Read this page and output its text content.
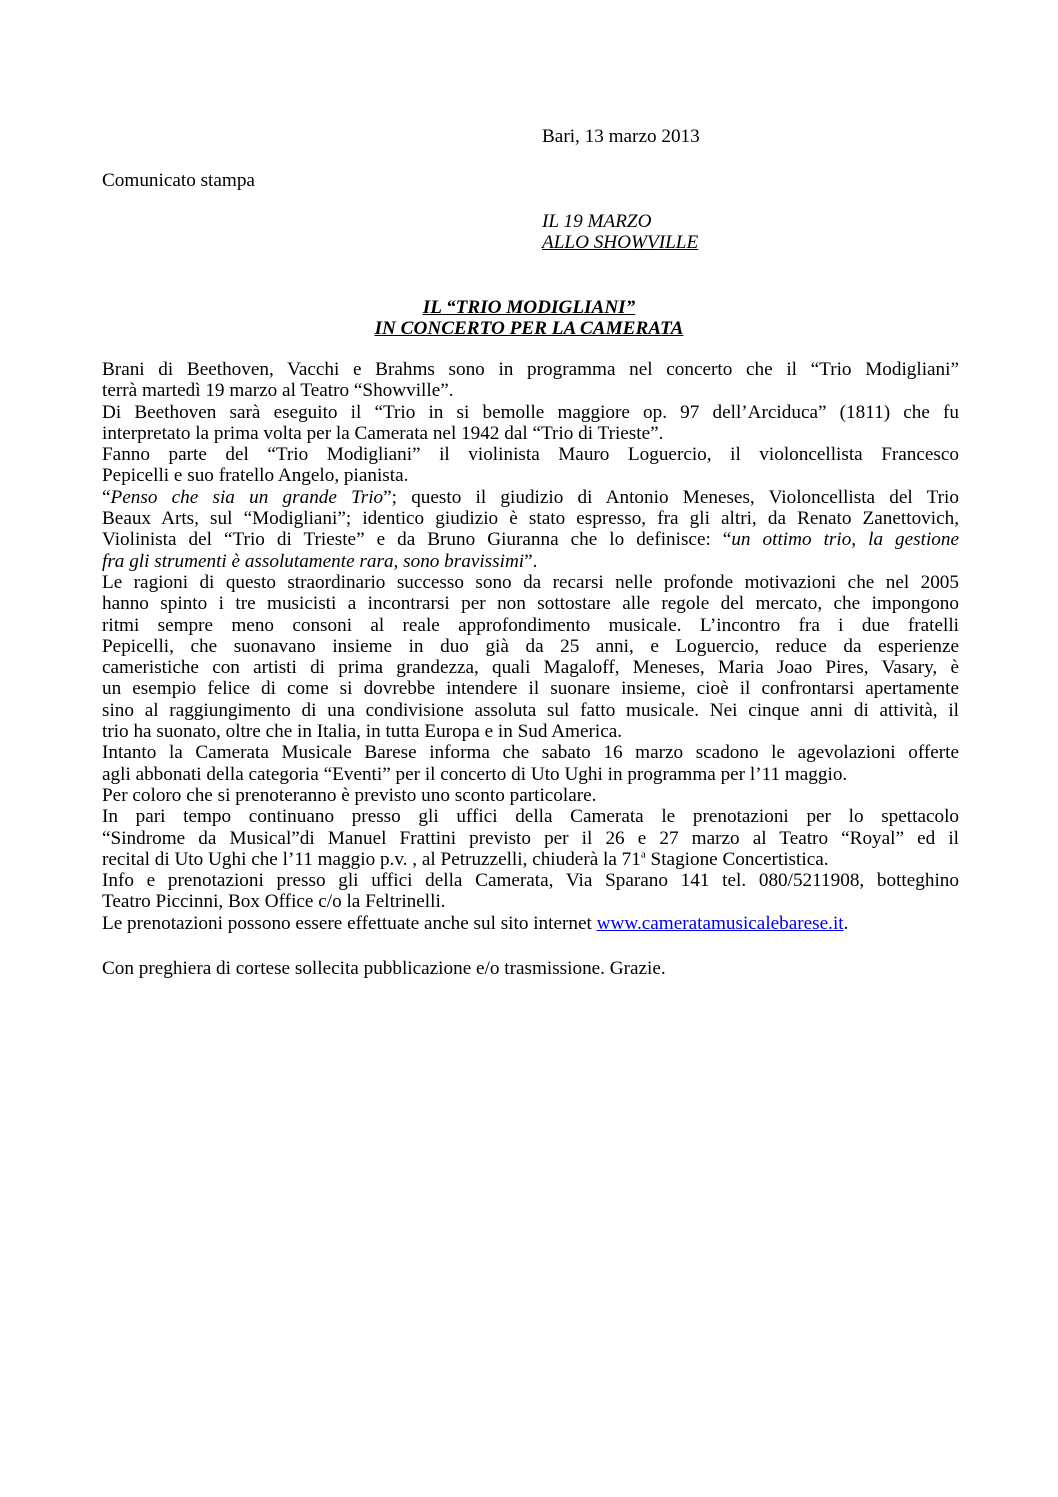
Bari, 13 marzo 2013
Comunicato stampa
IL 19 MARZO
ALLO SHOWVILLE
IL “TRIO MODIGLIANI”
IN CONCERTO PER LA CAMERATA
Brani di Beethoven, Vacchi e Brahms sono in programma nel concerto che il “Trio Modigliani”
terrà martedì 19 marzo al Teatro “Showville”.
Di Beethoven sarà eseguito il “Trio in si bemolle maggiore op. 97 dell’Arciduca” (1811) che fu
interpretato la prima volta per la Camerata nel 1942 dal “Trio di Trieste”.
Fanno parte del “Trio Modigliani” il violinista Mauro Loguercio, il violoncellista Francesco
Pepicelli e suo fratello Angelo, pianista.
“Penso che sia un grande Trio”; questo il giudizio di Antonio Meneses, Violoncellista del Trio
Beaux Arts, sul “Modigliani”; identico giudizio è stato espresso, fra gli altri, da Renato Zanettovich,
Violinista del “Trio di Trieste” e da Bruno Giuranna che lo definisce: “un ottimo trio, la gestione
fra gli strumenti è assolutamente rara, sono bravissimi”.
Le ragioni di questo straordinario successo sono da recarsi nelle profonde motivazioni che nel 2005
hanno spinto i tre musicisti a incontrarsi per non sottostare alle regole del mercato, che impongono
ritmi sempre meno consoni al reale approfondimento musicale. L’incontro fra i due fratelli
Pepicelli, che suonavano insieme in duo già da 25 anni, e Loguercio, reduce da esperienze
cameristiche con artisti di prima grandezza, quali Magaloff, Meneses, Maria Joao Pires, Vasary, è
un esempio felice di come si dovrebbe intendere il suonare insieme, cioè il confrontarsi apertamente
sino al raggiungimento di una condivisione assoluta sul fatto musicale. Nei cinque anni di attività, il
trio ha suonato, oltre che in Italia, in tutta Europa e in Sud America.
Intanto la Camerata Musicale Barese informa che sabato 16 marzo scadono le agevolazioni offerte
agli abbonati della categoria “Eventi” per il concerto di Uto Ughi in programma per l’11 maggio.
Per coloro che si prenoteranno è previsto uno sconto particolare.
In pari tempo continuano presso gli uffici della Camerata le prenotazioni per lo spettacolo
“Sindrome da Musical”di Manuel Frattini previsto per il 26 e 27 marzo al Teatro “Royal” ed il
recital di Uto Ughi che l’11 maggio p.v. , al Petruzzelli, chiuderà la 71$^a$ Stagione Concertistica.
Info e prenotazioni presso gli uffici della Camerata, Via Sparano 141 tel. 080/5211908, botteghino
Teatro Piccinni, Box Office c/o la Feltrinelli.
Le prenotazioni possono essere effettuate anche sul sito internet www.cameratamusicalebarese.it.
Con preghiera di cortese sollecita pubblicazione e/o trasmissione. Grazie.
